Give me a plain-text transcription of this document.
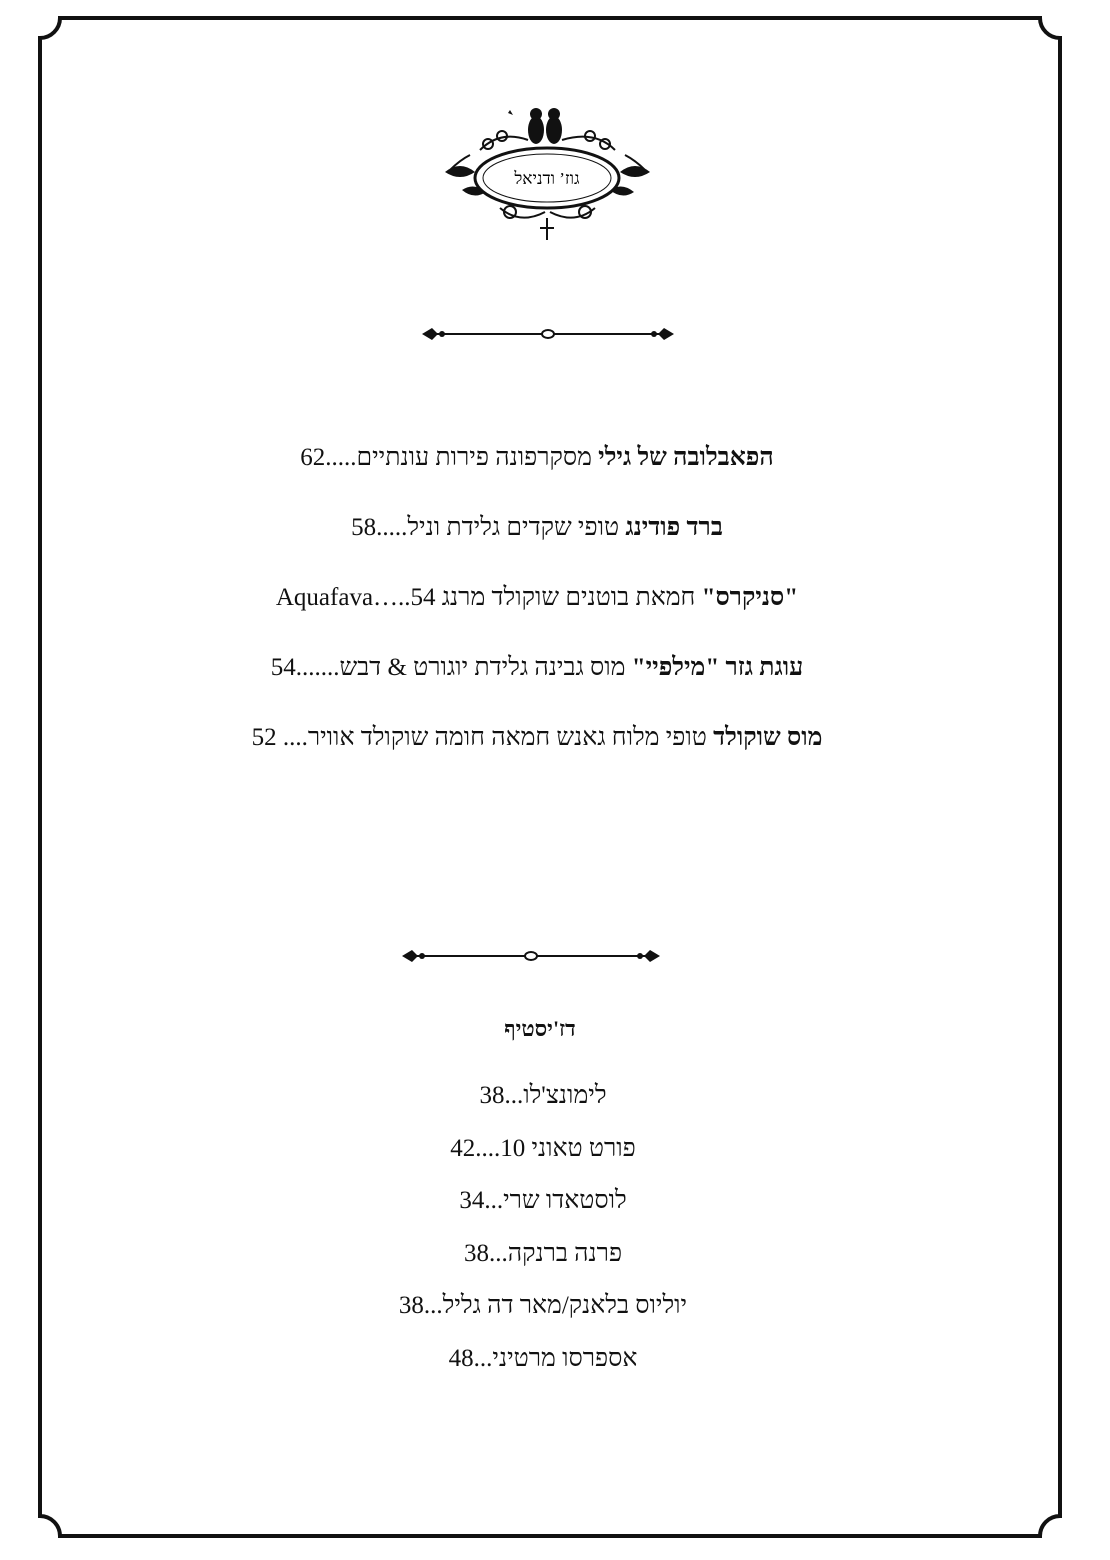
גוז’ ודניאל
הפאבלובה של גילי מסקרפונה פירות עונתיים.....62
ברד פודינג טופי שקדים גלידת וניל.....58
"סניקרס" חמאת בוטנים שוקולד מרנג Aquafava…..54
עוגת גזר "מילפיי" מוס גבינה גלידת יוגורט & דבש.......54
מוס שוקולד טופי מלוח גאנש חמאה חומה שוקולד אוויר.... 52
דז'יסטיף
לימונצ'לו...38
פורט טאוני 10....42
לוסטאדו שרי...34
פרנה ברנקה...38
יוליוס בלאנק/מאר דה גליל...38
אספרסו מרטיני...48
